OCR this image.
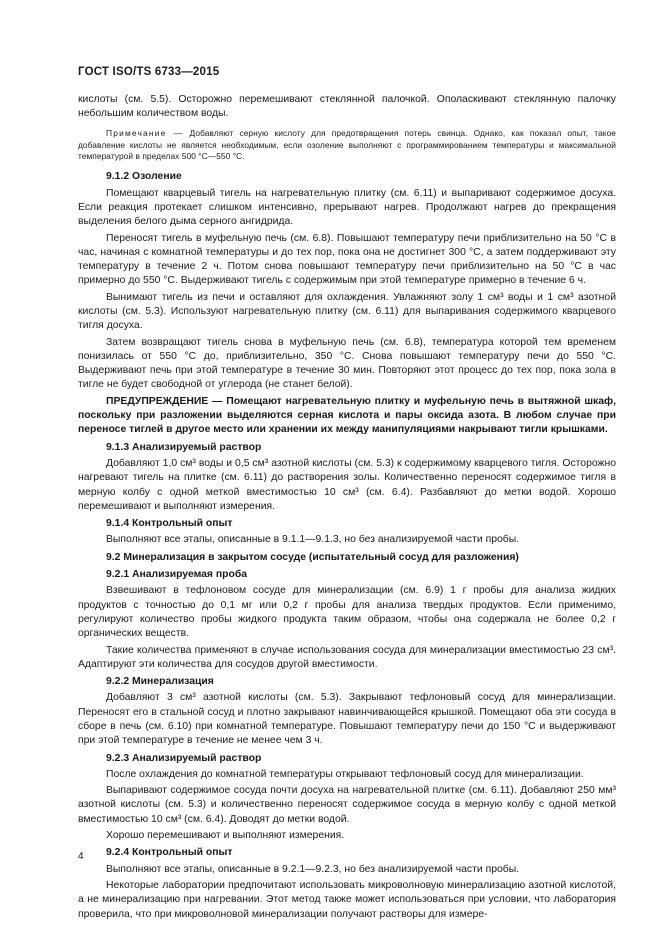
ГОСТ ISO/TS 6733—2015

кислоты (см. 5.5). Осторожно перемешивают стеклянной палочкой. Ополаскивают стеклянную палочку небольшим количеством воды.

Примечание — Добавляют серную кислоту для предотвращения потерь свинца. Однако, как показал опыт, такое добавление кислоты не является необходимым, если озоление выполняют с программированием температуры и максимальной температурой в пределах 500 °C—550 °C.

9.1.2 Озоление

Помещают кварцевый тигель на нагревательную плитку (см. 6.11) и выпаривают содержимое досуха. Если реакция протекает слишком интенсивно, прерывают нагрев. Продолжают нагрев до прекращения выделения белого дыма серного ангидрида.

Переносят тигель в муфельную печь (см. 6.8). Повышают температуру печи приблизительно на 50 °C в час, начиная с комнатной температуры и до тех пор, пока она не достигнет 300 °C, а затем поддерживают эту температуру в течение 2 ч. Потом снова повышают температуру печи приблизительно на 50 °C в час примерно до 550 °C. Выдерживают тигель с содержимым при этой температуре примерно в течение 6 ч.

Вынимают тигель из печи и оставляют для охлаждения. Увлажняют золу 1 см³ воды и 1 см³ азотной кислоты (см. 5.3). Используют нагревательную плитку (см. 6.11) для выпаривания содержимого кварцевого тигля досуха.

Затем возвращают тигель снова в муфельную печь (см. 6.8), температура которой тем временем понизилась от 550 °C до, приблизительно, 350 °C. Снова повышают температуру печи до 550 °C. Выдерживают печь при этой температуре в течение 30 мин. Повторяют этот процесс до тех пор, пока зола в тигле не будет свободной от углерода (не станет белой).

ПРЕДУПРЕЖДЕНИЕ — Помещают нагревательную плитку и муфельную печь в вытяжной шкаф, поскольку при разложении выделяются серная кислота и пары оксида азота. В любом случае при переносе тиглей в другое место или хранении их между манипуляциями накрывают тигли крышками.

9.1.3 Анализируемый раствор

Добавляют 1,0 см³ воды и 0,5 см³ азотной кислоты (см. 5.3) к содержимому кварцевого тигля. Осторожно нагревают тигель на плитке (см. 6.11) до растворения золы. Количественно переносят содержимое тигля в мерную колбу с одной меткой вместимостью 10 см³ (см. 6.4). Разбавляют до метки водой. Хорошо перемешивают и выполняют измерения.

9.1.4 Контрольный опыт

Выполняют все этапы, описанные в 9.1.1—9.1.3, но без анализируемой части пробы.

9.2 Минерализация в закрытом сосуде (испытательный сосуд для разложения)
9.2.1 Анализируемая проба

Взвешивают в тефлоновом сосуде для минерализации (см. 6.9) 1 г пробы для анализа жидких продуктов с точностью до 0,1 мг или 0,2 г пробы для анализа твердых продуктов. Если применимо, регулируют количество пробы жидкого продукта таким образом, чтобы она содержала не более 0,2 г органических веществ.

Такие количества применяют в случае использования сосуда для минерализации вместимостью 23 см³. Адаптируют эти количества для сосудов другой вместимости.

9.2.2 Минерализация

Добавляют 3 см³ азотной кислоты (см. 5.3). Закрывают тефлоновый сосуд для минерализации. Переносят его в стальной сосуд и плотно закрывают навинчивающейся крышкой. Помещают оба эти сосуда в сборе в печь (см. 6.10) при комнатной температуре. Повышают температуру печи до 150 °C и выдерживают при этой температуре в течение не менее чем 3 ч.

9.2.3 Анализируемый раствор

После охлаждения до комнатной температуры открывают тефлоновый сосуд для минерализации.

Выпаривают содержимое сосуда почти досуха на нагревательной плитке (см. 6.11). Добавляют 250 мм³ азотной кислоты (см. 5.3) и количественно переносят содержимое сосуда в мерную колбу с одной меткой вместимостью 10 см³ (см. 6.4). Доводят до метки водой.

Хорошо перемешивают и выполняют измерения.

9.2.4 Контрольный опыт

Выполняют все этапы, описанные в 9.2.1—9.2.3, но без анализируемой части пробы.

Некоторые лаборатории предпочитают использовать микроволновую минерализацию азотной кислотой, а не минерализацию при нагревании. Этот метод также может использоваться при условии, что лаборатория проверила, что при микроволновой минерализации получают растворы для измере-

4
